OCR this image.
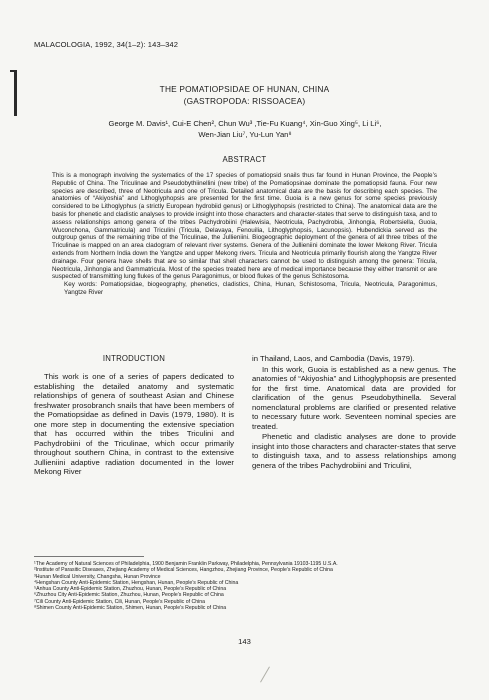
MALACOLOGIA, 1992, 34(1–2): 143–342
THE POMATIOPSIDAE OF HUNAN, CHINA
(GASTROPODA: RISSOACEA)
George M. Davis¹, Cui-E Chen², Chun Wu³ ,Tie-Fu Kuang⁴, Xin-Guo Xing⁵, Li Li⁶,
Wen-Jian Liu⁷, Yu-Lun Yan⁸
ABSTRACT
This is a monograph involving the systematics of the 17 species of pomatiopsid snails thus far found in Hunan Province, the People’s Republic of China. The Triculinae and Pseudobythiinellini (new tribe) of the Pomatiopsinae dominate the pomatiopsid fauna. Four new species are described, three of Neotricula and one of Tricula. Detailed anatomical data are the basis for describing each species. The anatomies of “Akiyoshia” and Lithoglyphopsis are presented for the first time. Guoia is a new genus for some species previously considered to be Lithoglyphus (a strictly European hydrobiid genus) or Lithoglyphopsis (restricted to China). The anatomical data are the basis for phenetic and cladistic analyses to provide insight into those characters and character-states that serve to distinguish taxa, and to assess relationships among genera of the tribes Pachydrobiini (Halewisia, Neotricula, Pachydrobia, Jinhongia, Robertsiella, Guoia, Wuconchona, Gammatricula) and Triculini (Tricula, Delavaya, Fenouilia, Lithoglyphopsis, Lacunopsis). Hubendickia served as the outgroup genus of the remaining tribe of the Triculinae, the Jullieniini. Biogeographic deployment of the genera of all three tribes of the Triculinae is mapped on an area cladogram of relevant river systems. Genera of the Jullieniini dominate the lower Mekong River. Tricula extends from Northern India down the Yangtze and upper Mekong rivers. Tricula and Neotricula primarily flourish along the Yangtze River drainage. Four genera have shells that are so similar that shell characters cannot be used to distinguish among the genera: Tricula, Neotricula, Jinhongia and Gammatricula. Most of the species treated here are of medical importance because they either transmit or are suspected of transmitting lung flukes of the genus Paragonimus, or blood flukes of the genus Schistosoma.
Key words: Pomatiopsidae, biogeography, phenetics, cladistics, China, Hunan, Schistosoma, Tricula, Neotricula, Paragonimus, Yangtze River
INTRODUCTION

This work is one of a series of papers dedicated to establishing the detailed anatomy and systematic relationships of genera of southeast Asian and Chinese freshwater prosobranch snails that have been members of the Pomatiopsidae as defined in Davis (1979, 1980). It is one more step in documenting the extensive speciation that has occurred within the tribes Triculini and Pachydrobiini of the Triculinae, which occur primarily throughout southern China, in contrast to the extensive Jullieniini adaptive radiation documented in the lower Mekong River

in Thailand, Laos, and Cambodia (Davis, 1979).

In this work, Guoia is established as a new genus. The anatomies of “Akiyoshia” and Lithoglyphopsis are presented for the first time. Anatomical data are provided for clarification of the genus Pseudobythinella. Several nomenclatural problems are clarified or presented relative to necessary future work. Seventeen nominal species are treated.

Phenetic and cladistic analyses are done to provide insight into those characters and character-states that serve to distinguish taxa, and to assess relationships among genera of the tribes Pachydrobiini and Triculini,

¹The Academy of Natural Sciences of Philadelphia, 1900 Benjamin Franklin Parkway, Philadelphia, Pennsylvania 19103-1195 U.S.A.
²Institute of Parasitic Diseases, Zhejiang Academy of Medical Sciences, Hangzhou, Zhejiang Province, People’s Republic of China
³Hunan Medical University, Changsha, Hunan Province
⁴Hengshan County Anti-Epidemic Station, Hengshan, Hunan, People’s Republic of China
⁵Anhua County Anti-Epidemic Station, Zhuzhou, Hunan, People’s Republic of China
⁶Zhuzhou City Anti-Epidemic Station, Zhuzhou, Hunan, People’s Republic of China
⁷Cili County Anti-Epidemic Station, Cili, Hunan, People’s Republic of China
⁸Shimen County Anti-Epidemic Station, Shimen, Hunan, People’s Republic of China
143
